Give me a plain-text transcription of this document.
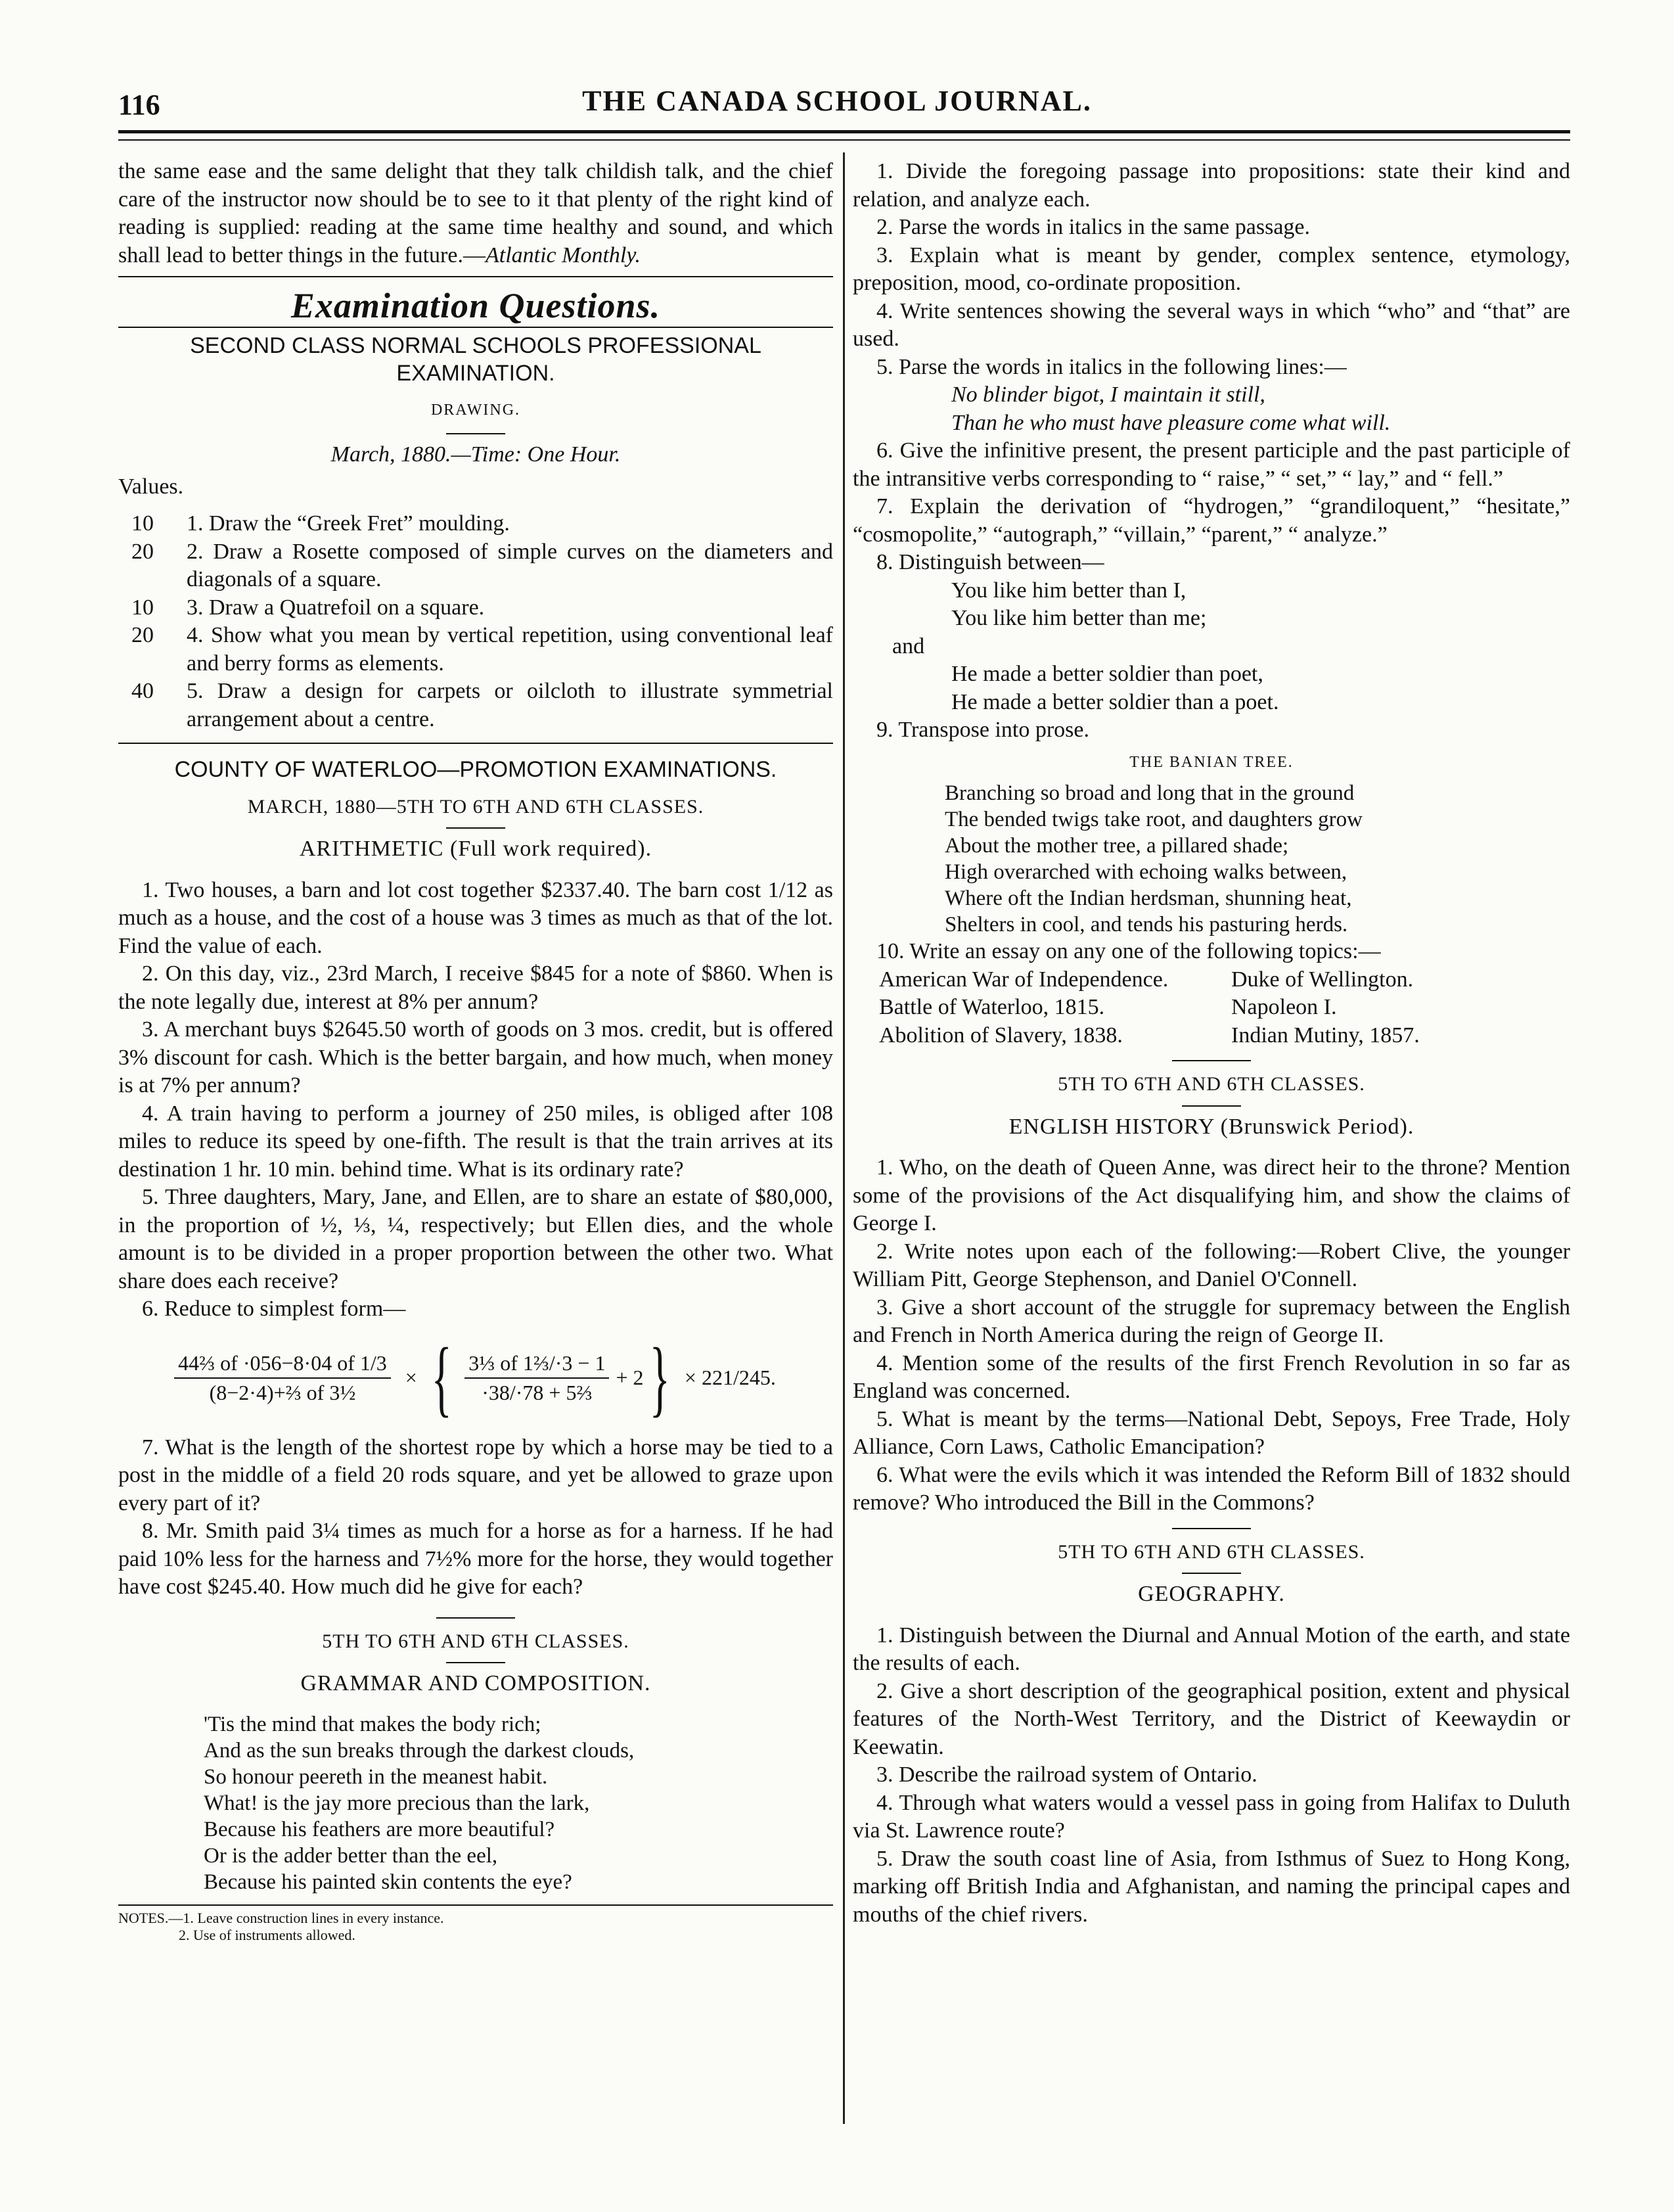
116	THE CANADA SCHOOL JOURNAL.

the same ease and the same delight that they talk childish talk, and the chief care of the instructor now should be to see to it that plenty of the right kind of reading is supplied: reading at the same time healthy and sound, and which shall lead to better things in the future.—Atlantic Monthly.

Examination Questions.
SECOND CLASS NORMAL SCHOOLS PROFESSIONAL EXAMINATION.
DRAWING.
March, 1880.—Time: One Hour.
Values.
10	1. Draw the “Greek Fret” moulding.
20	2. Draw a Rosette composed of simple curves on the diameters and diagonals of a square.
10	3. Draw a Quatrefoil on a square.
20	4. Show what you mean by vertical repetition, using conventional leaf and berry forms as elements.
40	5. Draw a design for carpets or oilcloth to illustrate symmetrial arrangement about a centre.
COUNTY OF WATERLOO—PROMOTION EXAMINATIONS.
MARCH, 1880—5TH TO 6TH AND 6TH CLASSES.
ARITHMETIC (Full work required).

1. Two houses, a barn and lot cost together $2337.40. The barn cost 1/12 as much as a house, and the cost of a house was 3 times as much as that of the lot. Find the value of each.

2. On this day, viz., 23rd March, I receive $845 for a note of $860. When is the note legally due, interest at 8% per annum?

3. A merchant buys $2645.50 worth of goods on 3 mos. credit, but is offered 3% discount for cash. Which is the better bargain, and how much, when money is at 7% per annum?

4. A train having to perform a journey of 250 miles, is obliged after 108 miles to reduce its speed by one-fifth. The result is that the train arrives at its destination 1 hr. 10 min. behind time. What is its ordinary rate?

5. Three daughters, Mary, Jane, and Ellen, are to share an estate of $80,000, in the proportion of ½, ⅓, ¼, respectively; but Ellen dies, and the whole amount is to be divided in a proper proportion between the other two. What share does each receive?

6. Reduce to simplest form—

$\frac{\text{44⅔ of ·056−8·04 of 1/3}}{\text{(8−2·4)+⅔ of 3½}}$ × { $\frac{\text{3⅓ of 1⅔/·3 − 1}}{\text{·38/·78 + 5⅔}} + 2$ } × 221/245.

7. What is the length of the shortest rope by which a horse may be tied to a post in the middle of a field 20 rods square, and yet be allowed to graze upon every part of it?

8. Mr. Smith paid 3¼ times as much for a horse as for a harness. If he had paid 10% less for the harness and 7½% more for the horse, they would together have cost $245.40. How much did he give for each?

5TH TO 6TH AND 6TH CLASSES.
GRAMMAR AND COMPOSITION.

'Tis the mind that makes the body rich;

And as the sun breaks through the darkest clouds,

So honour peereth in the meanest habit.

What! is the jay more precious than the lark,

Because his feathers are more beautiful?

Or is the adder better than the eel,

Because his painted skin contents the eye?

NOTES.—1. Leave construction lines in every instance.
2. Use of instruments allowed.

1. Divide the foregoing passage into propositions: state their kind and relation, and analyze each.

2. Parse the words in italics in the same passage.

3. Explain what is meant by gender, complex sentence, etymology, preposition, mood, co-ordinate proposition.

4. Write sentences showing the several ways in which “who” and “that” are used.

5. Parse the words in italics in the following lines:—

No blinder bigot, I maintain it still,
Than he who must have pleasure come what will.

6. Give the infinitive present, the present participle and the past participle of the intransitive verbs corresponding to “ raise,” “ set,” “ lay,” and “ fell.”

7. Explain the derivation of “hydrogen,” “grandiloquent,” “hesitate,” “cosmopolite,” “autograph,” “villain,” “parent,” “ analyze.”

8. Distinguish between—

You like him better than I,
You like him better than me;
and
He made a better soldier than poet,
He made a better soldier than a poet.

9. Transpose into prose.

THE BANIAN TREE.
Branching so broad and long that in the ground
The bended twigs take root, and daughters grow
About the mother tree, a pillared shade;
High overarched with echoing walks between,
Where oft the Indian herdsman, shunning heat,
Shelters in cool, and tends his pasturing herds.

10. Write an essay on any one of the following topics:—

American War of Independence.	Duke of Wellington.
Battle of Waterloo, 1815.	Napoleon I.
Abolition of Slavery, 1838.	Indian Mutiny, 1857.
5TH TO 6TH AND 6TH CLASSES.
ENGLISH HISTORY (Brunswick Period).

1. Who, on the death of Queen Anne, was direct heir to the throne? Mention some of the provisions of the Act disqualifying him, and show the claims of George I.

2. Write notes upon each of the following:—Robert Clive, the younger William Pitt, George Stephenson, and Daniel O'Connell.

3. Give a short account of the struggle for supremacy between the English and French in North America during the reign of George II.

4. Mention some of the results of the first French Revolution in so far as England was concerned.

5. What is meant by the terms—National Debt, Sepoys, Free Trade, Holy Alliance, Corn Laws, Catholic Emancipation?

6. What were the evils which it was intended the Reform Bill of 1832 should remove? Who introduced the Bill in the Commons?

5TH TO 6TH AND 6TH CLASSES.
GEOGRAPHY.

1. Distinguish between the Diurnal and Annual Motion of the earth, and state the results of each.

2. Give a short description of the geographical position, extent and physical features of the North-West Territory, and the District of Keewaydin or Keewatin.

3. Describe the railroad system of Ontario.

4. Through what waters would a vessel pass in going from Halifax to Duluth via St. Lawrence route?

5. Draw the south coast line of Asia, from Isthmus of Suez to Hong Kong, marking off British India and Afghanistan, and naming the principal capes and mouths of the chief rivers.
